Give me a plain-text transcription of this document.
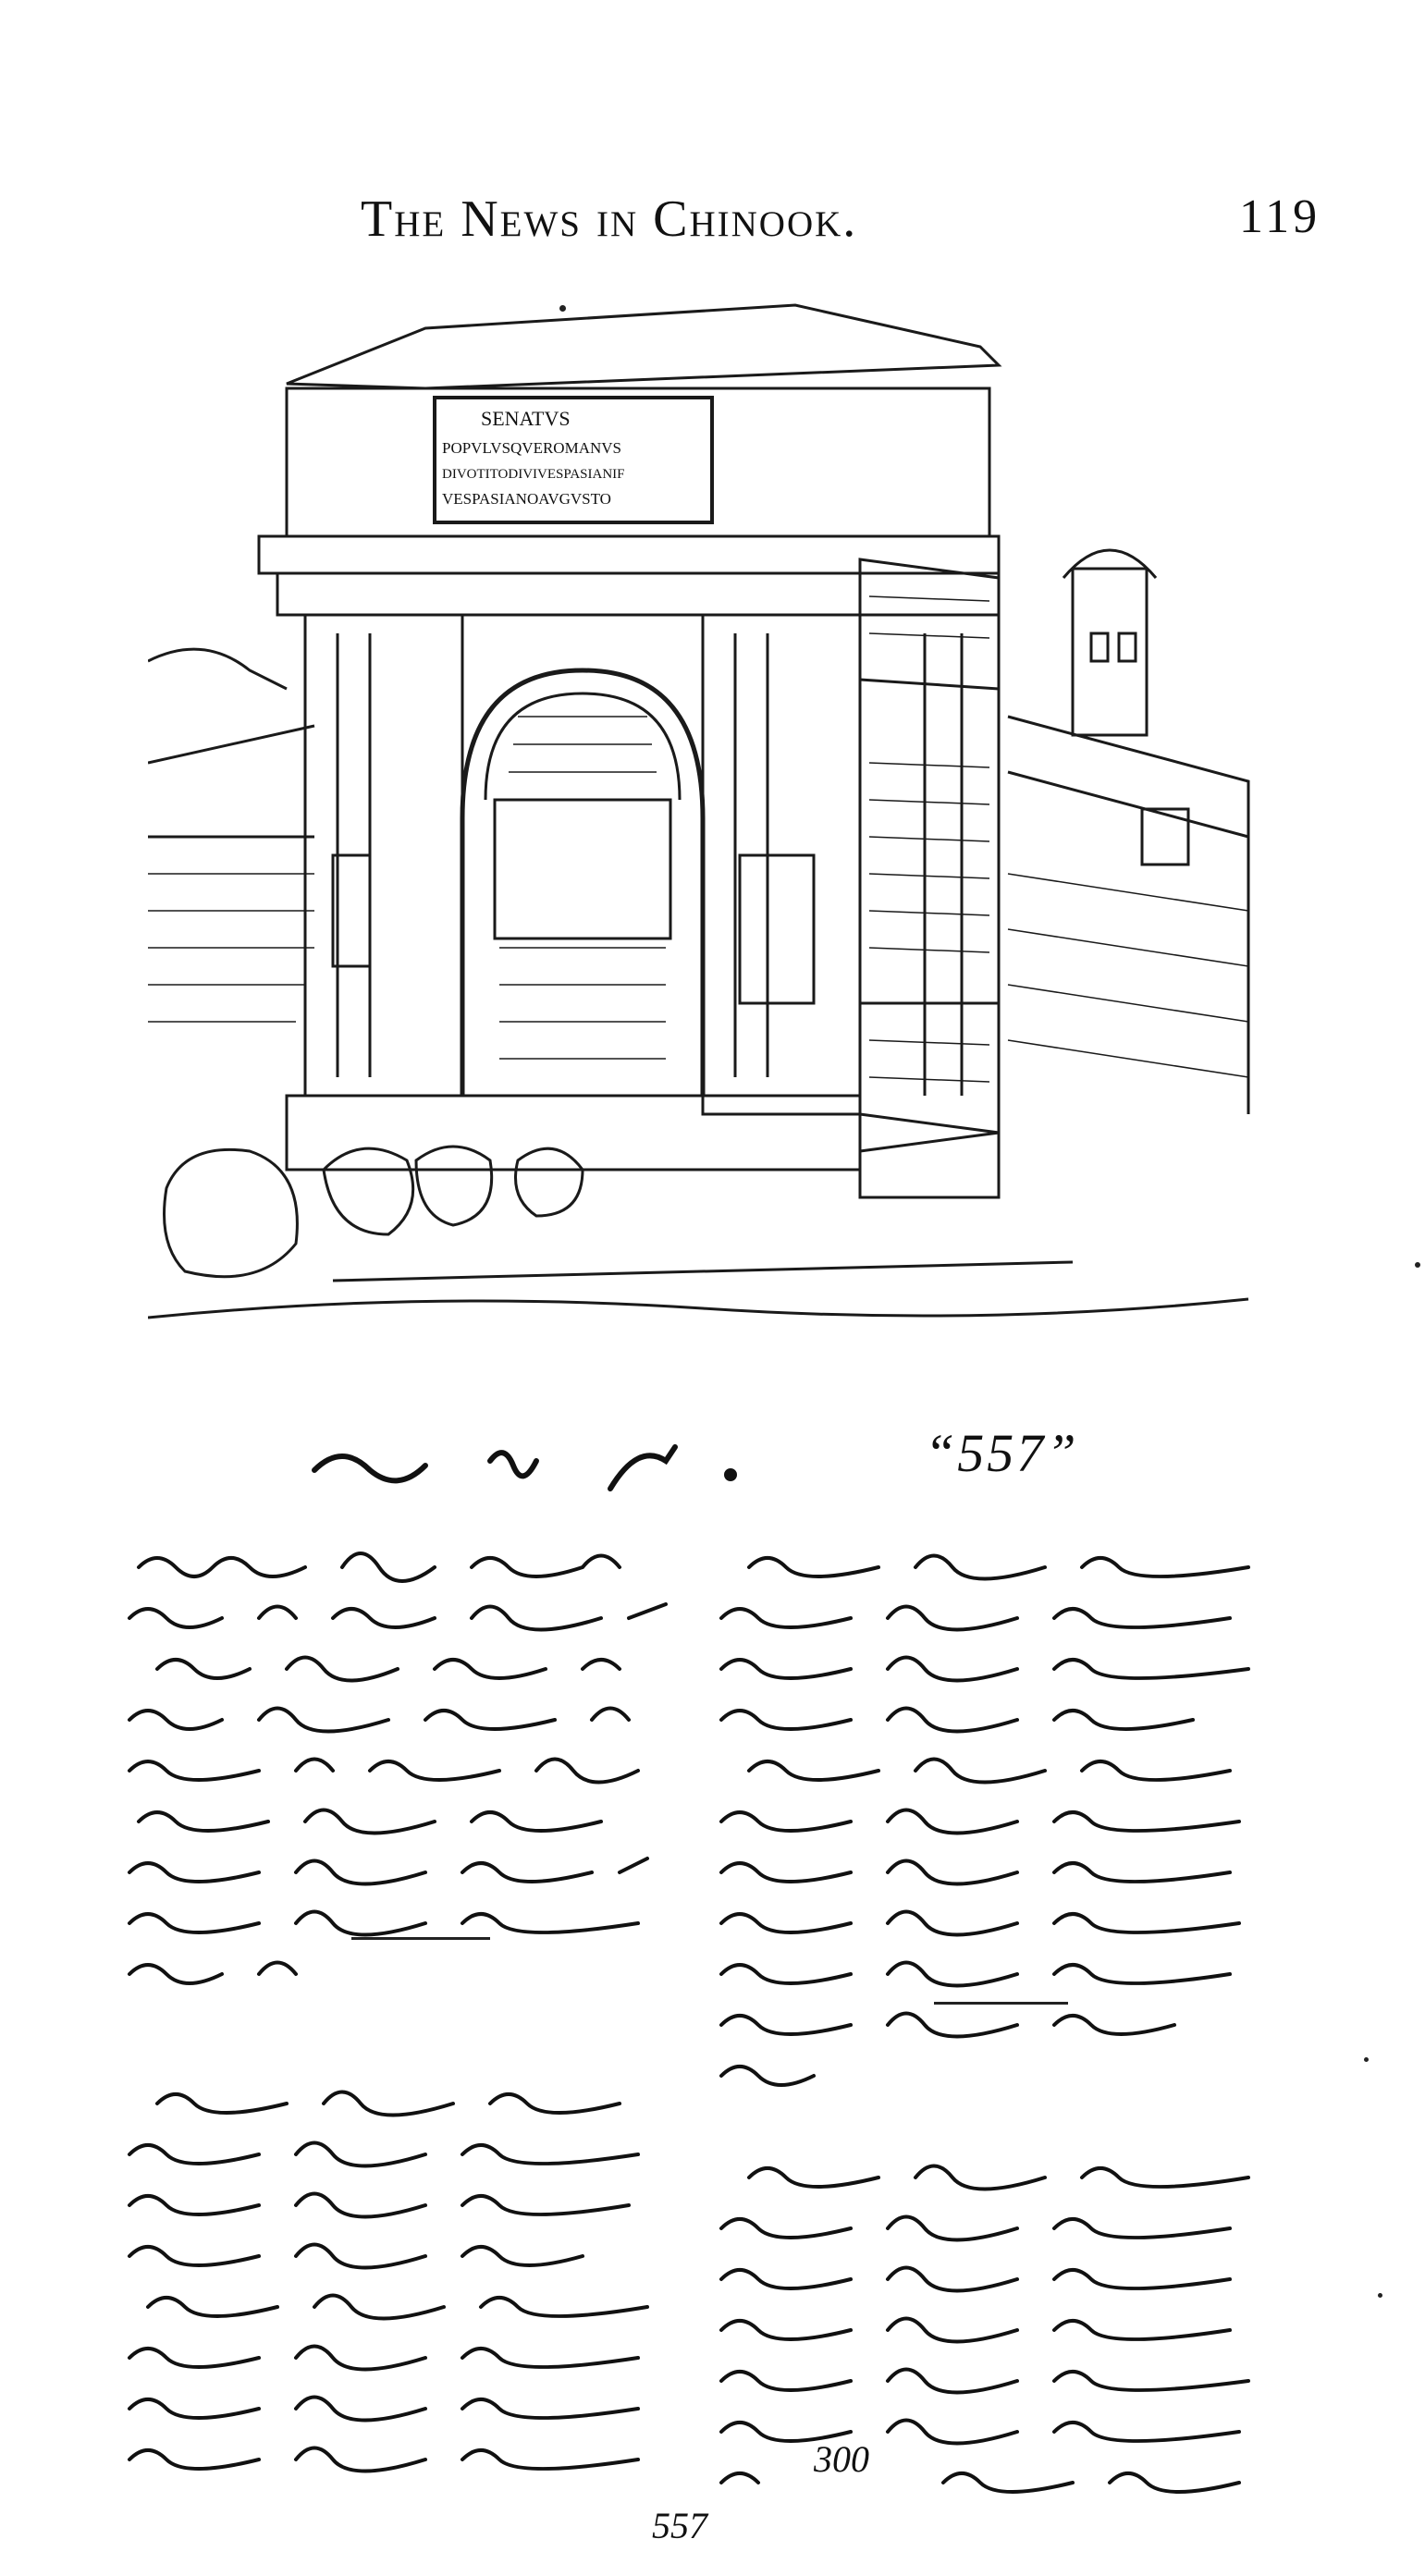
The News in Chinook.	119
SENATVS
POPVLVSQVEROMANVS
DIVOTITODIVIVESPASIANIF
VESPASIANOAVGVSTO
“557”
557
300
